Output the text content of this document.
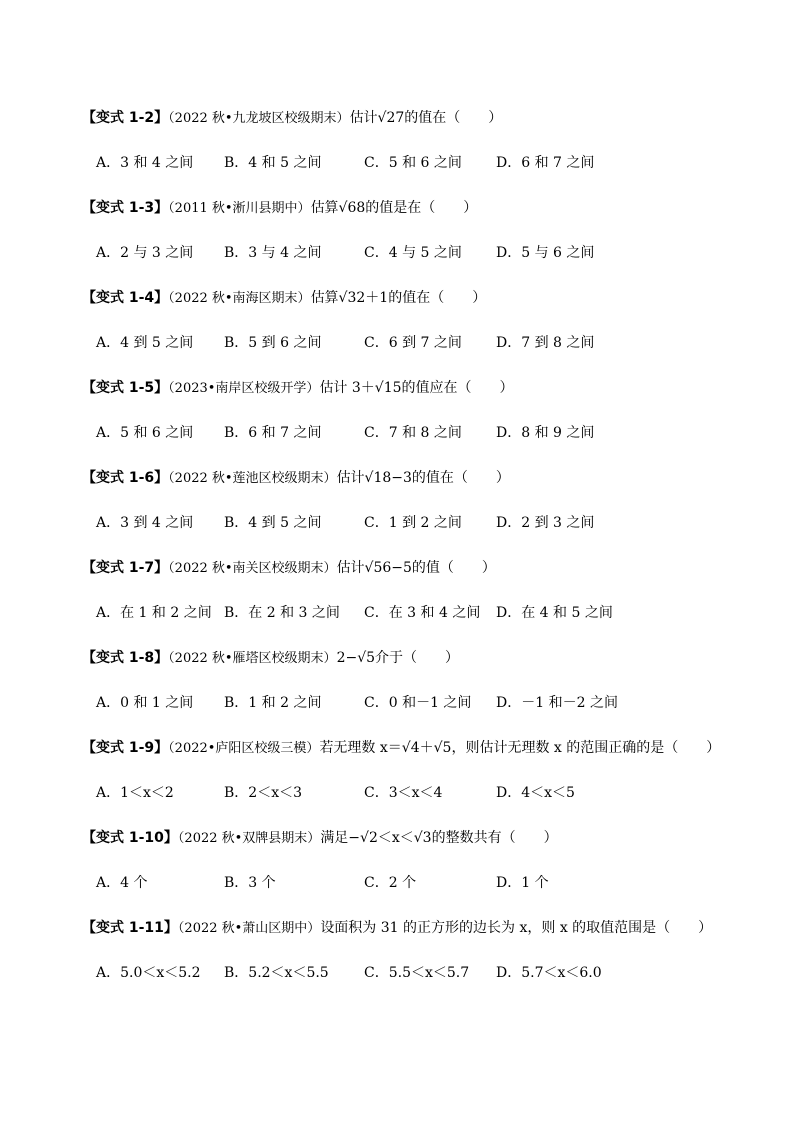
【变式 1-2】（2022 秋•九龙坡区校级期末）估计√27的值在（　　）
A．3 和 4 之间 B．4 和 5 之间	C．5 和 6 之间 D．6 和 7 之间
【变式 1-3】（2011 秋•淅川县期中）估算√68的值是在（　　）
A．2 与 3 之间 B．3 与 4 之间	C．4 与 5 之间 D．5 与 6 之间
【变式 1-4】（2022 秋•南海区期末）估算√32＋1的值在（　　）
A．4 到 5 之间 B．5 到 6 之间	C．6 到 7 之间 D．7 到 8 之间
【变式 1-5】（2023•南岸区校级开学）估计 3＋√15的值应在（　　）
A．5 和 6 之间 B．6 和 7 之间	C．7 和 8 之间 D．8 和 9 之间
【变式 1-6】（2022 秋•莲池区校级期末）估计√18−3的值在（　　）
A．3 到 4 之间 B．4 到 5 之间	C．1 到 2 之间 D．2 到 3 之间
【变式 1-7】（2022 秋•南关区校级期末）估计√56−5的值（　　）
A．在 1 和 2 之间 B．在 2 和 3 之间 C．在 3 和 4 之间 D．在 4 和 5 之间
【变式 1-8】（2022 秋•雁塔区校级期末）2−√5介于（　　）
A．0 和 1 之间 B．1 和 2 之间	C．0 和－1 之间 D．－1 和－2 之间
【变式 1-9】（2022•庐阳区校级三模）若无理数 x＝√4＋√5，则估计无理数 x 的范围正确的是（　　）
A．1＜x＜2	B．2＜x＜3	C．3＜x＜4	D．4＜x＜5
【变式 1-10】（2022 秋•双牌县期末）满足−√2＜x＜√3的整数共有（　　）
A．4 个	B．3 个	C．2 个	D．1 个
【变式 1-11】（2022 秋•萧山区期中）设面积为 31 的正方形的边长为 x，则 x 的取值范围是（　　）
A．5.0＜x＜5.2 B．5.2＜x＜5.5	C．5.5＜x＜5.7 D．5.7＜x＜6.0
